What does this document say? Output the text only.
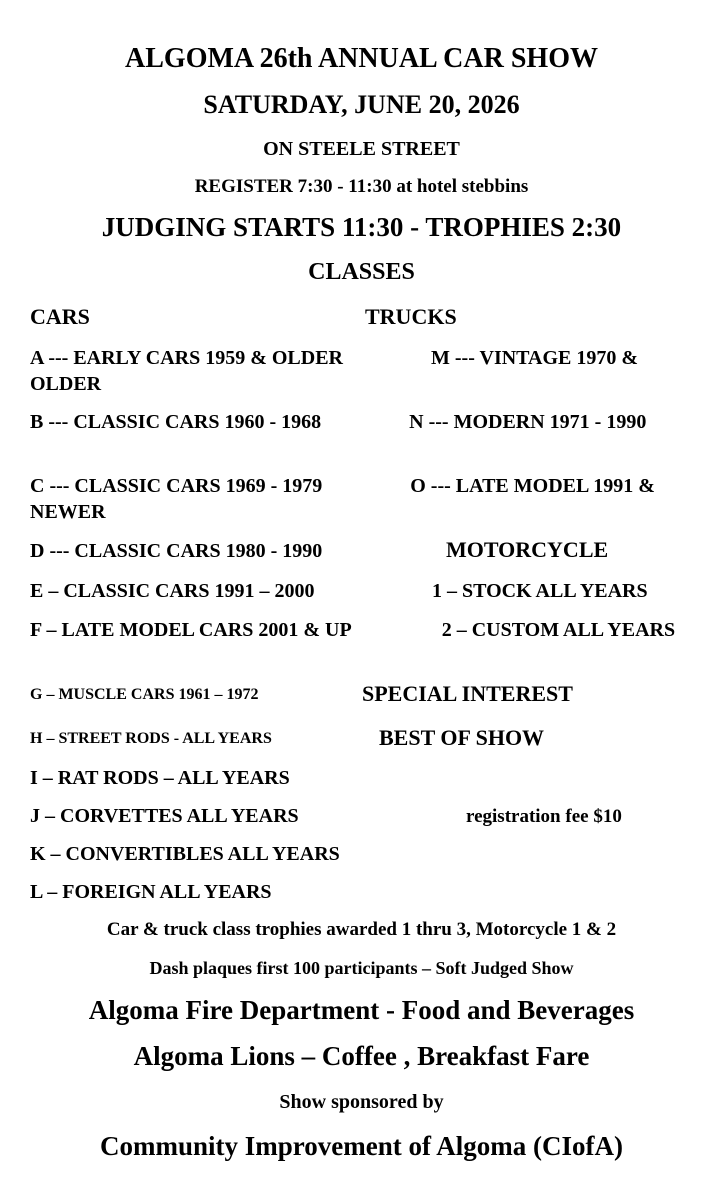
ALGOMA 26th ANNUAL CAR SHOW
SATURDAY, JUNE 20, 2026
ON STEELE STREET
REGISTER 7:30 - 11:30 at hotel stebbins
JUDGING STARTS 11:30 - TROPHIES 2:30
CLASSES
CARS	TRUCKS
A --- EARLY CARS 1959 & OLDER	M --- VINTAGE 1970 & OLDER
B --- CLASSIC CARS 1960 - 1968	N --- MODERN 1971 - 1990
C --- CLASSIC CARS 1969 - 1979	O --- LATE MODEL 1991 & NEWER
D --- CLASSIC CARS 1980 - 1990	MOTORCYCLE
E – CLASSIC CARS 1991 – 2000	1 – STOCK ALL YEARS
F – LATE MODEL CARS 2001 & UP	2 – CUSTOM ALL YEARS
G – MUSCLE CARS 1961 – 1972	SPECIAL INTEREST
H – STREET RODS - ALL YEARS	BEST OF SHOW
I – RAT RODS – ALL YEARS
J – CORVETTES ALL YEARS	registration fee $10
K – CONVERTIBLES ALL YEARS
L – FOREIGN ALL YEARS
Car & truck class trophies awarded 1 thru 3, Motorcycle 1 & 2
Dash plaques first 100 participants – Soft Judged Show
Algoma Fire Department - Food and Beverages
Algoma Lions – Coffee , Breakfast Fare
Show sponsored by
Community Improvement of Algoma (CIofA)
